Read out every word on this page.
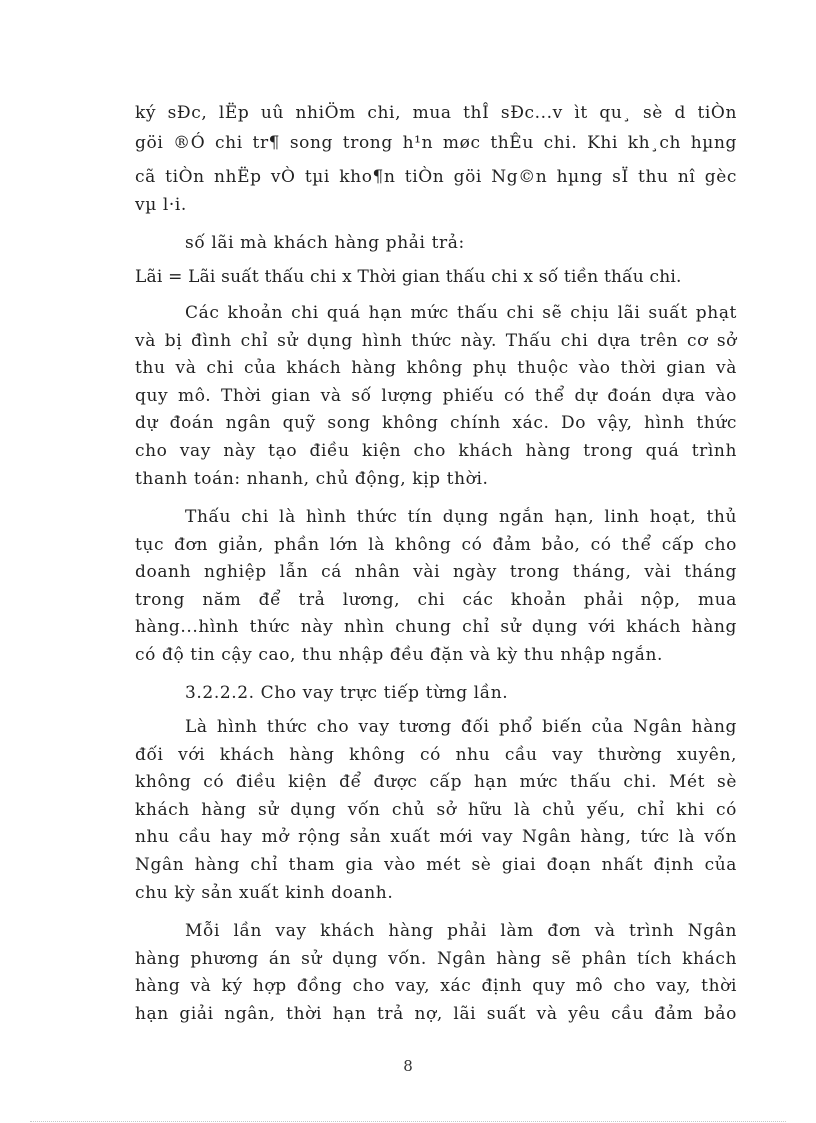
ký sÐc, lËp uû nhiÖm chi, mua thÎ sÐc...v ìt qu¸ sè d tiÒn
göi ®Ó chi tr¶ song trong h¹n møc thÊu chi. Khi kh¸ch hµng
cã tiÒn nhËp vÒ tµi kho¶n tiÒn göi Ng©n hµng sÏ thu nî gèc
vµ l·i.
số lãi mà khách hàng phải trả:
Lãi = Lãi suất thấu chi x Thời gian thấu chi x số tiền thấu chi.
Các khoản chi quá hạn mức thấu chi sẽ chịu lãi suất phạt
và bị đình chỉ sử dụng hình thức này. Thấu chi dựa trên cơ sở
thu và chi của khách hàng không phụ thuộc vào thời gian và
quy mô. Thời gian và số lượng phiếu có thể dự đoán dựa vào
dự đoán ngân quỹ song không chính xác. Do vậy, hình thức
cho vay này tạo điều kiện cho khách hàng trong quá trình
thanh toán: nhanh, chủ động, kịp thời.
Thấu chi là hình thức tín dụng ngắn hạn, linh hoạt, thủ
tục đơn giản, phần lớn là không có đảm bảo, có thể cấp cho
doanh nghiệp lẫn cá nhân vài ngày trong tháng, vài tháng
trong năm để trả lương, chi các khoản phải nộp, mua
hàng...hình thức này nhìn chung chỉ sử dụng với khách hàng
có độ tin cậy cao, thu nhập đều đặn và kỳ thu nhập ngắn.
3.2.2.2. Cho vay trực tiếp từng lần.
Là hình thức cho vay tương đối phổ biến của Ngân hàng
đối với khách hàng không có nhu cầu vay thường xuyên,
không có điều kiện để được cấp hạn mức thấu chi. Mét sè
khách hàng sử dụng vốn chủ sở hữu là chủ yếu, chỉ khi có
nhu cầu hay mở rộng sản xuất mới vay Ngân hàng, tức là vốn
Ngân hàng chỉ tham gia vào mét sè giai đoạn nhất định của
chu kỳ sản xuất kinh doanh.
Mỗi lần vay khách hàng phải làm đơn và trình Ngân
hàng phương án sử dụng vốn. Ngân hàng sẽ phân tích khách
hàng và ký hợp đồng cho vay, xác định quy mô cho vay, thời
hạn giải ngân, thời hạn trả nợ, lãi suất và yêu cầu đảm bảo
8
